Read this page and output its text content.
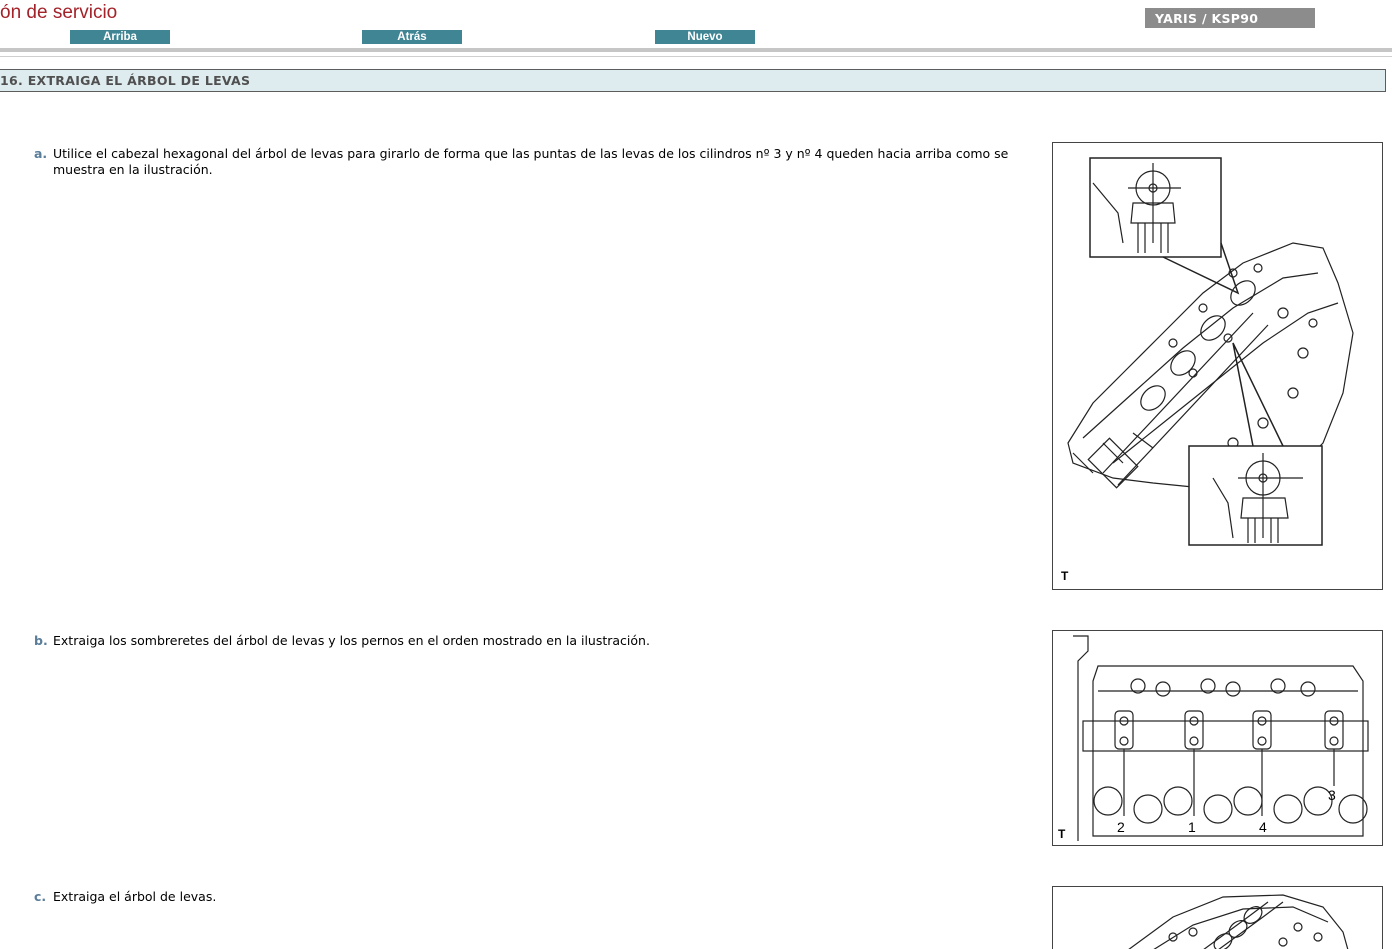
ón de servicio	YARIS / KSP90
Arriba	Atrás	Nuevo
16. EXTRAIGA EL ÁRBOL DE LEVAS
a. Utilice el cabezal hexagonal del árbol de levas para girarlo de forma que las puntas de las levas de los cilindros nº 3 y nº 4 queden hacia arriba como se muestra en la ilustración.
T
b. Extraiga los sombreretes del árbol de levas y los pernos en el orden mostrado en la ilustración.
2	1	4
3
T
c. Extraiga el árbol de levas.
